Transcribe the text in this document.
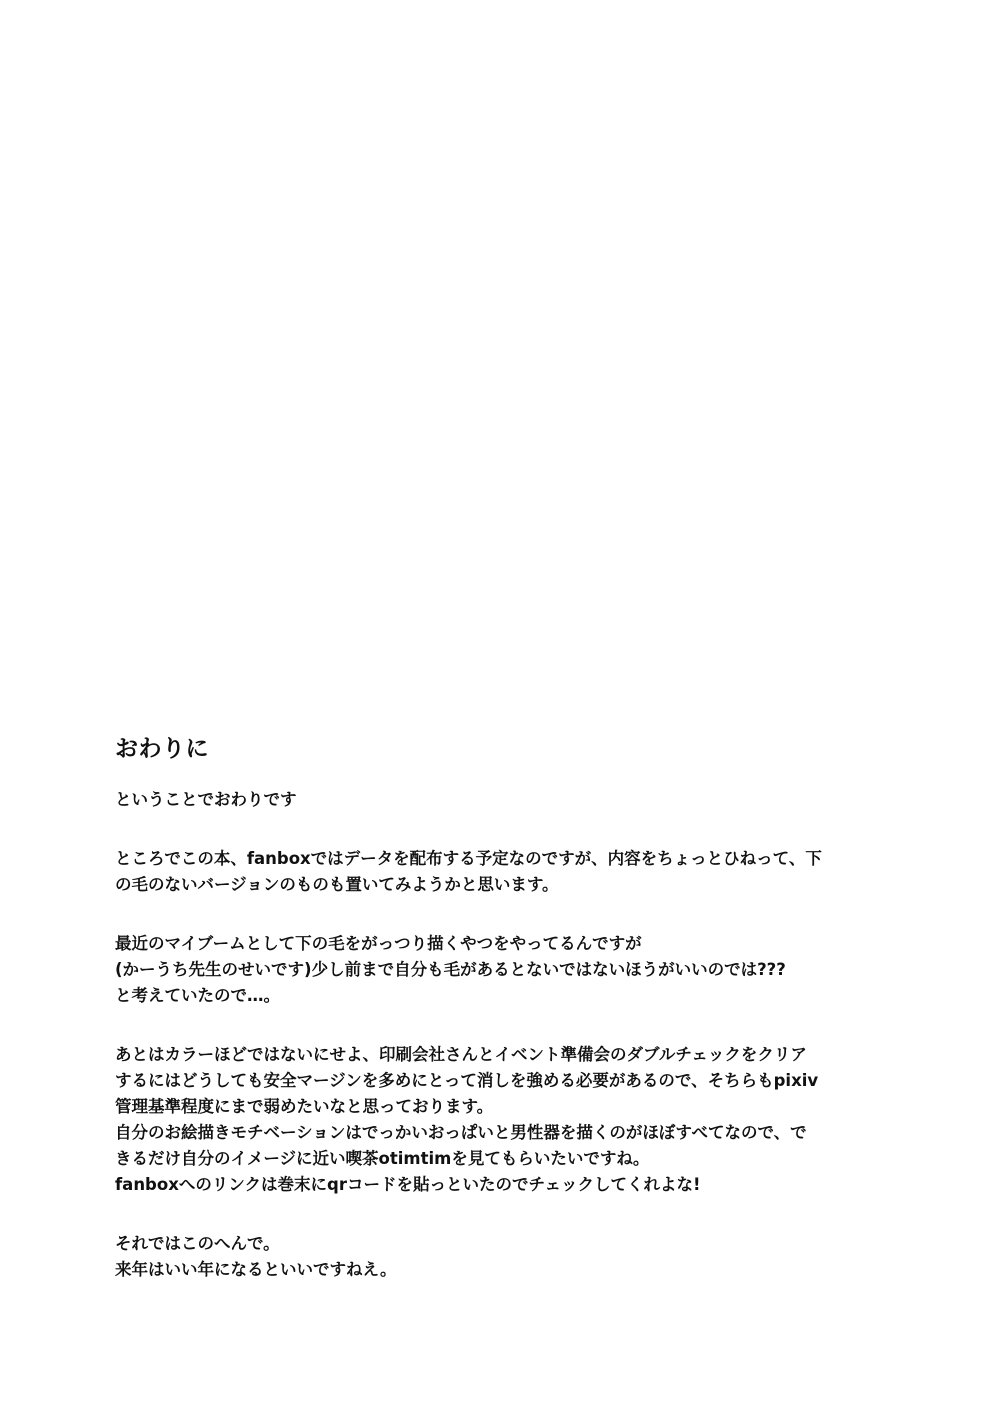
おわりに
ということでおわりです
ところでこの本、fanboxではデータを配布する予定なのですが、内容をちょっとひねって、下
の毛のないバージョンのものも置いてみようかと思います。
最近のマイブームとして下の毛をがっつり描くやつをやってるんですが
(かーうち先生のせいです)少し前まで自分も毛があるとないではないほうがいいのでは???
と考えていたので…。
あとはカラーほどではないにせよ、印刷会社さんとイベント準備会のダブルチェックをクリア
するにはどうしても安全マージンを多めにとって消しを強める必要があるので、そちらもpixiv
管理基準程度にまで弱めたいなと思っております。
自分のお絵描きモチベーションはでっかいおっぱいと男性器を描くのがほぼすべてなので、で
きるだけ自分のイメージに近い喫茶otimtimを見てもらいたいですね。
fanboxへのリンクは巻末にqrコードを貼っといたのでチェックしてくれよな!
それではこのへんで。
来年はいい年になるといいですねえ。
